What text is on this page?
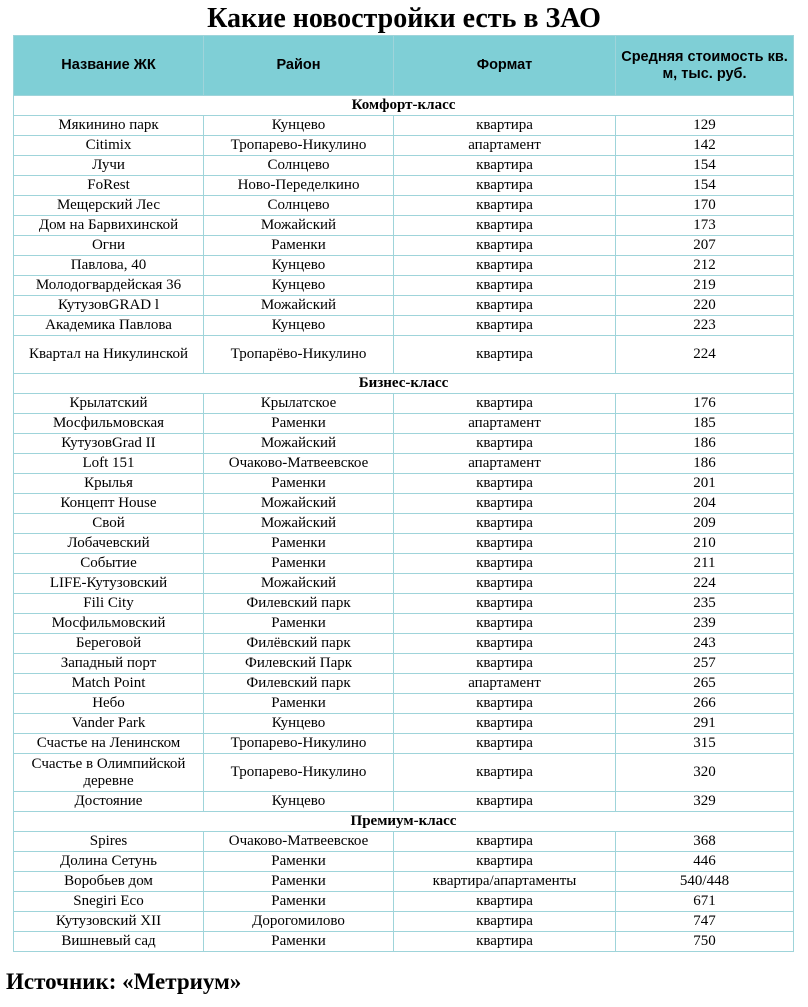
Какие новостройки есть в ЗАО
Название ЖК	Район	Формат	Средняя стоимость кв. м, тыс. руб.
Комфорт-класс			
Мякинино парк	Кунцево	квартира	129
Citimix	Тропарево-Никулино	апартамент	142
Лучи	Солнцево	квартира	154
FoRest	Ново-Переделкино	квартира	154
Мещерский Лес	Солнцево	квартира	170
Дом на Барвихинской	Можайский	квартира	173
Огни	Раменки	квартира	207
Павлова, 40	Кунцево	квартира	212
Молодогвардейская 36	Кунцево	квартира	219
КутузовGRAD l	Можайский	квартира	220
Академика Павлова	Кунцево	квартира	223
Квартал на Никулинской	Тропарёво-Никулино	квартира	224
Бизнес-класс			
Крылатский	Крылатское	квартира	176
Мосфильмовская	Раменки	апартамент	185
КутузовGrad II	Можайский	квартира	186
Loft 151	Очаково-Матвеевское	апартамент	186
Крылья	Раменки	квартира	201
Концепт House	Можайский	квартира	204
Свой	Можайский	квартира	209
Лобачевский	Раменки	квартира	210
Событие	Раменки	квартира	211
LIFE-Кутузовский	Можайский	квартира	224
Fili City	Филевский парк	квартира	235
Мосфильмовский	Раменки	квартира	239
Береговой	Филёвский парк	квартира	243
Западный порт	Филевский Парк	квартира	257
Match Point	Филевский парк	апартамент	265
Небо	Раменки	квартира	266
Vander Park	Кунцево	квартира	291
Счастье на Ленинском	Тропарево-Никулино	квартира	315
Счастье в Олимпийской деревне	Тропарево-Никулино	квартира	320
Достояние	Кунцево	квартира	329
Премиум-класс			
Spires	Очаково-Матвеевское	квартира	368
Долина Сетунь	Раменки	квартира	446
Воробьев дом	Раменки	квартира/апартаменты	540/448
Snegiri Eco	Раменки	квартира	671
Кутузовский XII	Дорогомилово	квартира	747
Вишневый сад	Раменки	квартира	750
Источник: «Метриум»
